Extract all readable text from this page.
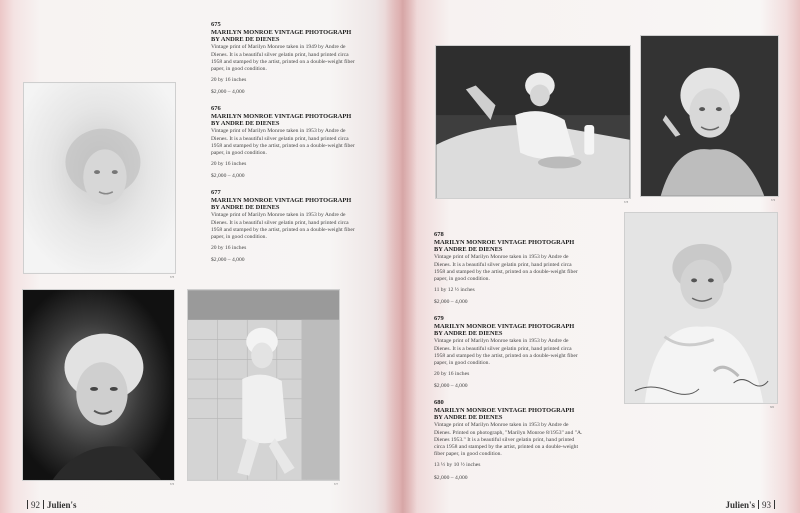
675
676	677
675
MARILYN MONROE VINTAGE PHOTOGRAPH BY ANDRE DE DIENES
Vintage print of Marilyn Monroe taken in 1949 by Andre de Dienes. It is a beautiful silver gelatin print, hand printed circa 1958 and stamped by the artist, printed on a double-weight fiber paper, in good condition.
20 by 16 inches
$2,000 – 4,000
676
MARILYN MONROE VINTAGE PHOTOGRAPH BY ANDRE DE DIENES
Vintage print of Marilyn Monroe taken in 1953 by Andre de Dienes. It is a beautiful silver gelatin print, hand printed circa 1958 and stamped by the artist, printed on a double-weight fiber paper, in good condition.
20 by 16 inches
$2,000 – 4,000
677
MARILYN MONROE VINTAGE PHOTOGRAPH BY ANDRE DE DIENES
Vintage print of Marilyn Monroe taken in 1953 by Andre de Dienes. It is a beautiful silver gelatin print, hand printed circa 1958 and stamped by the artist, printed on a double-weight fiber paper, in good condition.
20 by 16 inches
$2,000 – 4,000
92 Julien's
678
679
680
678
MARILYN MONROE VINTAGE PHOTOGRAPH BY ANDRE DE DIENES
Vintage print of Marilyn Monroe taken in 1953 by Andre de Dienes. It is a beautiful silver gelatin print, hand printed circa 1958 and stamped by the artist, printed on a double-weight fiber paper, in good condition.
11 by 12 ½ inches
$2,000 – 4,000
679
MARILYN MONROE VINTAGE PHOTOGRAPH BY ANDRE DE DIENES
Vintage print of Marilyn Monroe taken in 1953 by Andre de Dienes. It is a beautiful silver gelatin print, hand printed circa 1958 and stamped by the artist, printed on a double-weight fiber paper, in good condition.
20 by 16 inches
$2,000 – 4,000
680
MARILYN MONROE VINTAGE PHOTOGRAPH BY ANDRE DE DIENES
Vintage print of Marilyn Monroe taken in 1953 by Andre de Dienes. Printed on photograph, "Marilyn Monroe 8/1953" and "A. Dienes 1953." It is a beautiful silver gelatin print, hand printed circa 1958 and stamped by the artist, printed on a double-weight fiber paper, in good condition.
13 ½ by 10 ½ inches
$2,000 – 4,000
Julien's 93
